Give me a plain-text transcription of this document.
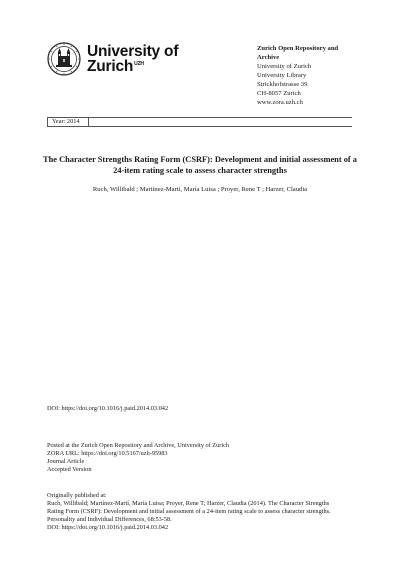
University of
Zurich UZH
Zurich Open Repository and Archive
University of Zurich
University Library
Strickhofstrasse 39
CH-8057 Zurich
www.zora.uzh.ch
Year: 2014
The Character Strengths Rating Form (CSRF): Development and initial assessment of a 24-item rating scale to assess character strengths
Ruch, Willibald ; Martínez-Martí, María Luisa ; Proyer, Rene T ; Harzer, Claudia
DOI: https://doi.org/10.1016/j.paid.2014.03.042

Posted at the Zurich Open Repository and Archive, University of Zurich

ZORA URL: https://doi.org/10.5167/uzh-95983

Journal Article

Accepted Version

Originally published at:

Ruch, Willibald; Martínez-Martí, María Luisa; Proyer, Rene T; Harzer, Claudia (2014). The Character Strengths

Rating Form (CSRF): Development and initial assessment of a 24-item rating scale to assess character strengths.

Personality and Individual Differences, 68:53-58.

DOI: https://doi.org/10.1016/j.paid.2014.03.042
